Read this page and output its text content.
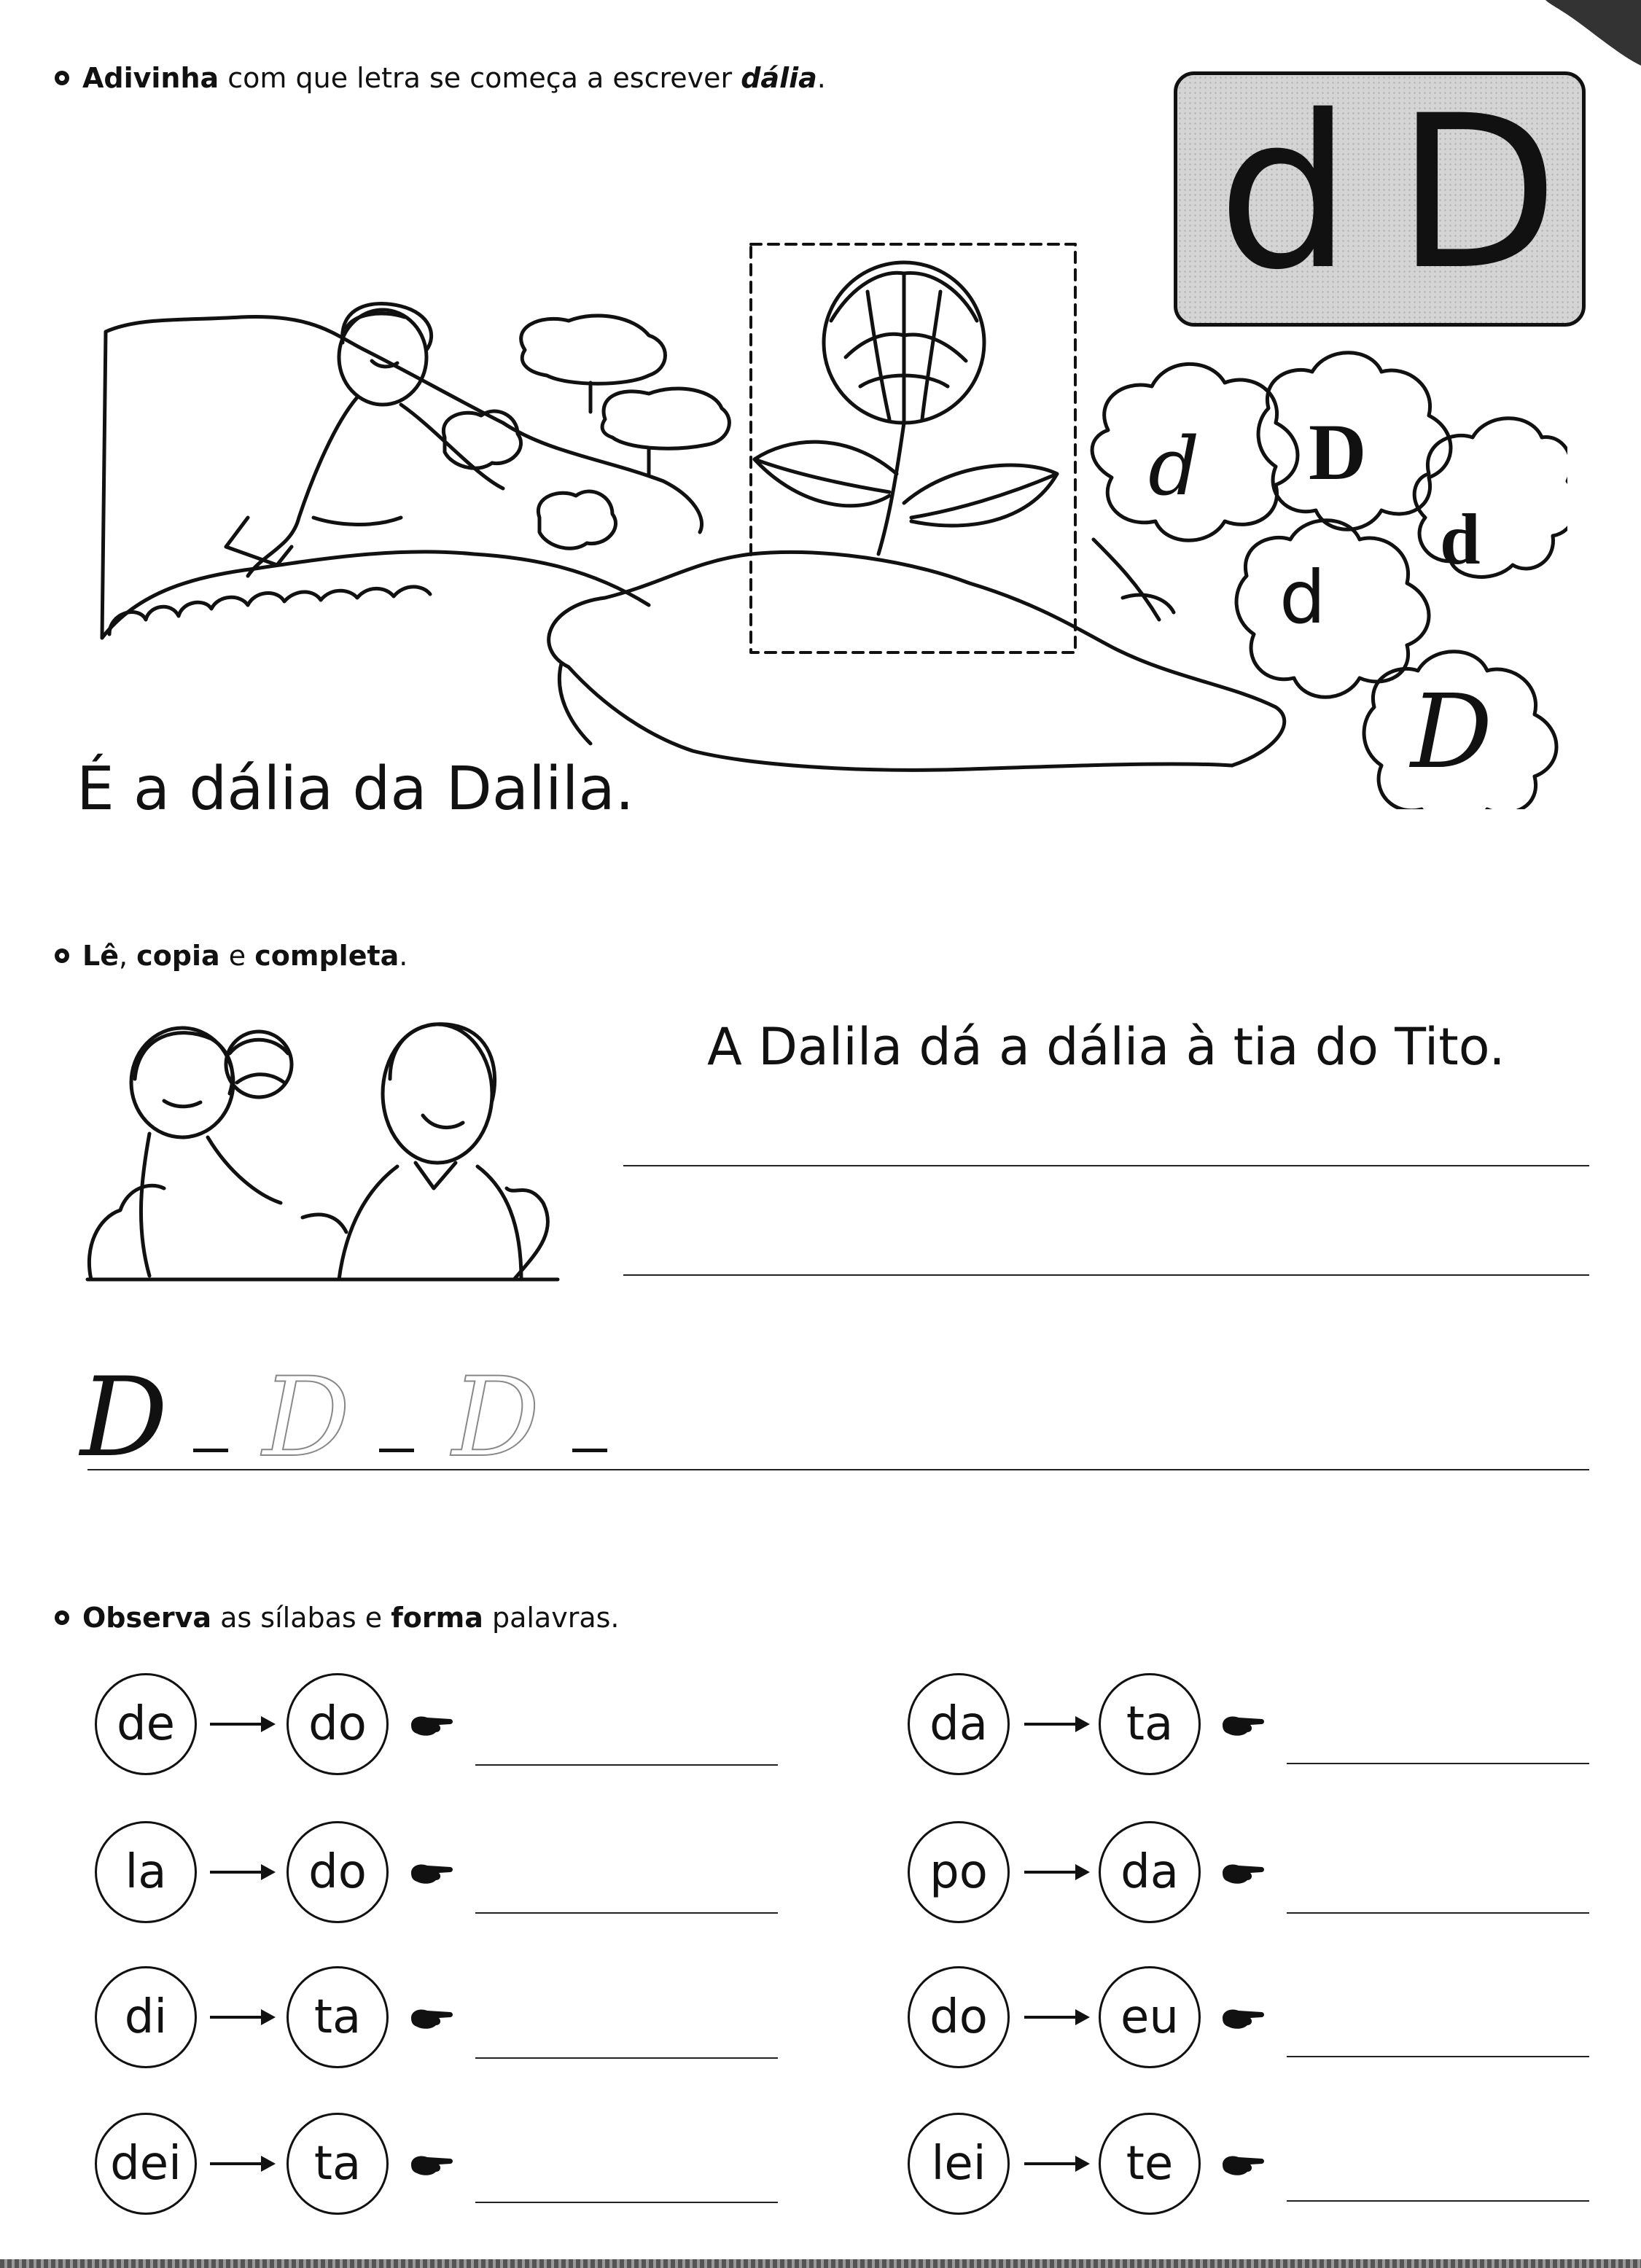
Adivinha com que letra se começa a escrever dália. d D
d D
d
d
D
É a dália da Dalila.
Lê, copia e completa.
A Dalila dá a dália à tia do Tito.
D D D
Observa as sílabas e forma palavras.
de	do
la	do
di	ta
dei	ta
da	ta
po	da
do	eu
lei	te
